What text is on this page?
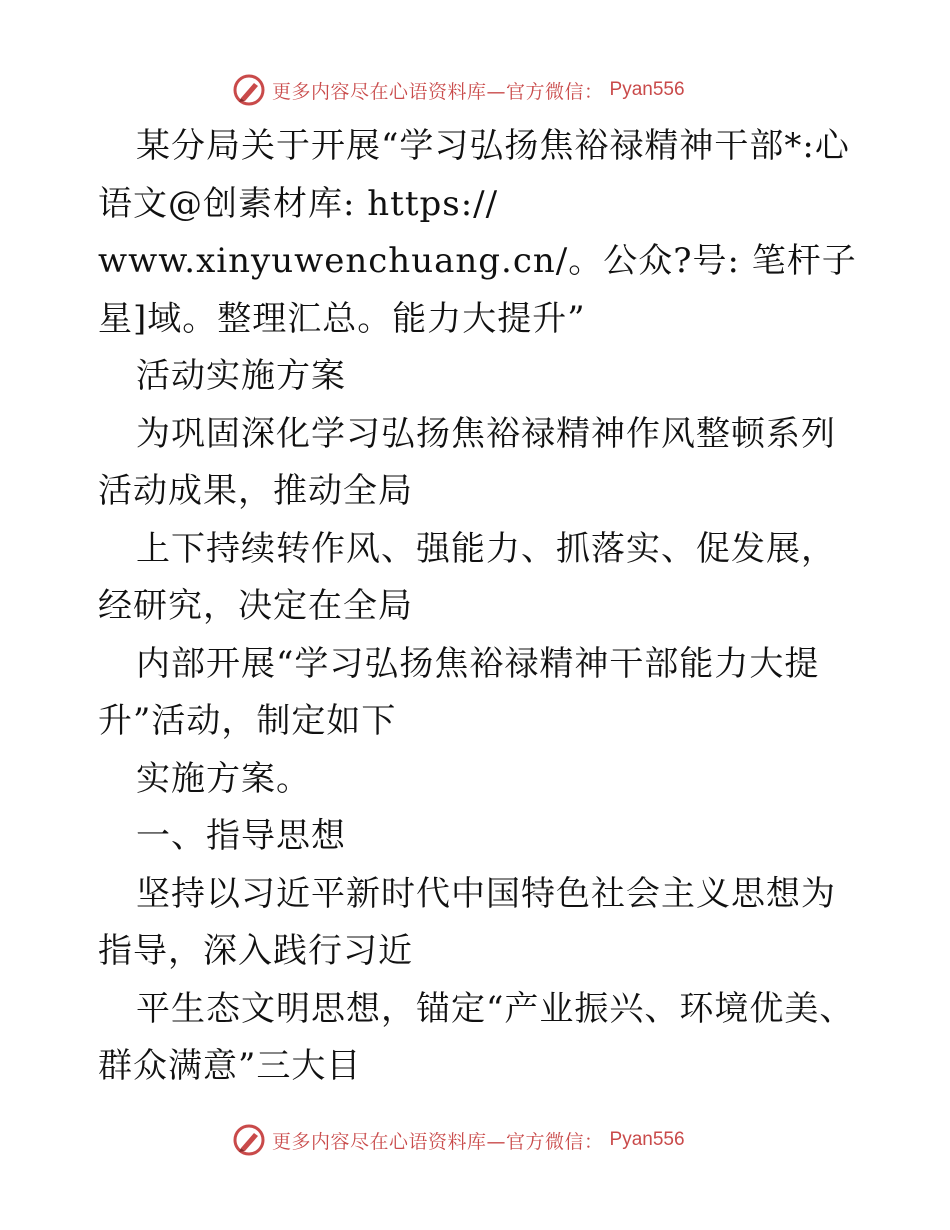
更多内容尽在心语资料库—官方微信： Pyan556

某分局关于开展“学习弘扬焦裕禄精神干部*:心语文@创素材库: https://

www.xinyuwenchuang.cn/。公众?号: 笔杆子星]域。整理汇总。能力大提升”

活动实施方案

为巩固深化学习弘扬焦裕禄精神作风整顿系列活动成果，推动全局

上下持续转作风、强能力、抓落实、促发展，经研究，决定在全局

内部开展“学习弘扬焦裕禄精神干部能力大提升”活动，制定如下

实施方案。

一、指导思想

坚持以习近平新时代中国特色社会主义思想为指导，深入践行习近

平生态文明思想，锚定“产业振兴、环境优美、群众满意”三大目

更多内容尽在心语资料库—官方微信： Pyan556
